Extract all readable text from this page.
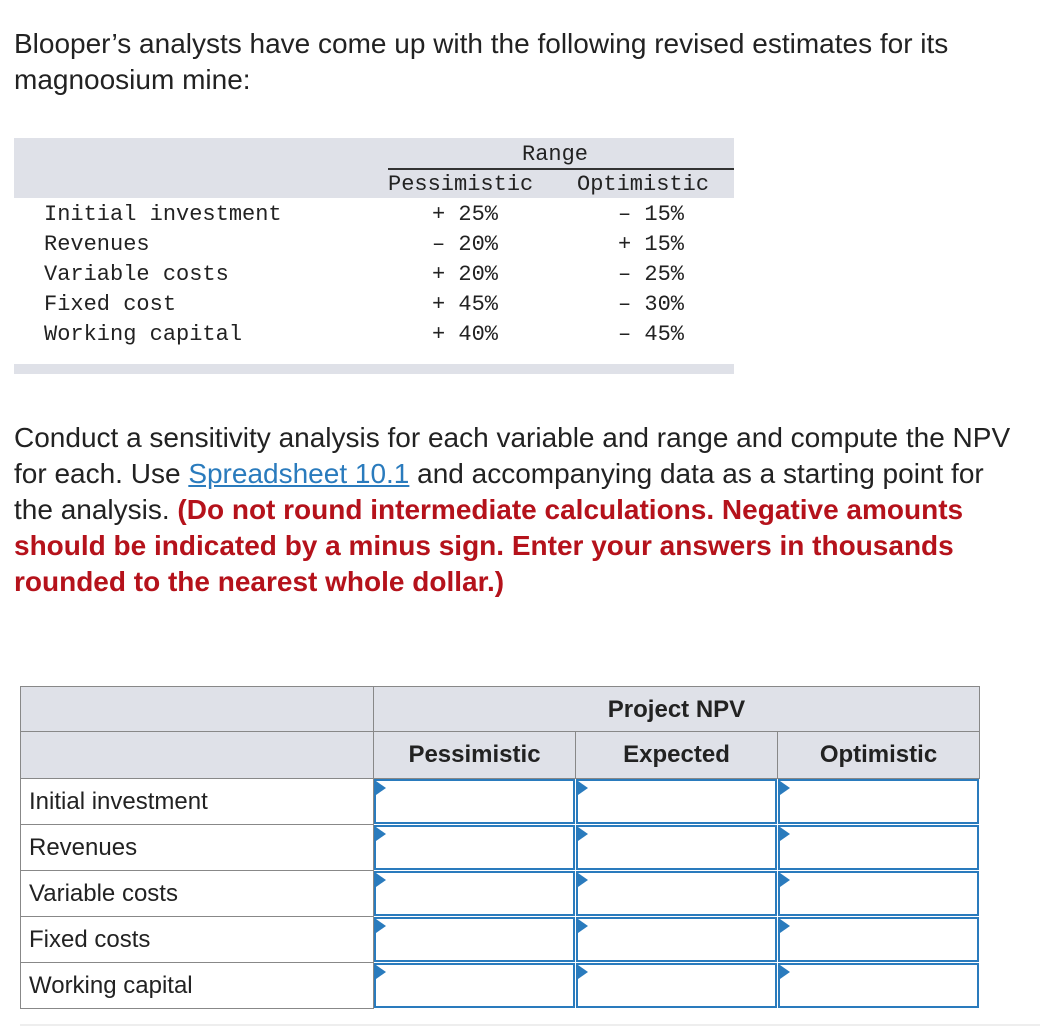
Blooper’s analysts have come up with the following revised estimates for its magnoosium mine:

Range
Pessimistic Optimistic
Initial investment	+ 25%	– 15%
Revenues	– 20%	+ 15%
Variable costs	+ 20%	– 25%
Fixed cost	+ 45%	– 30%
Working capital	+ 40%	– 45%

Conduct a sensitivity analysis for each variable and range and compute the NPV for each. Use Spreadsheet 10.1 and accompanying data as a starting point for the analysis. (Do not round intermediate calculations. Negative amounts should be indicated by a minus sign. Enter your answers in thousands rounded to the nearest whole dollar.)

Project NPV
Pessimistic	Expected	Optimistic
Initial investment
Revenues
Variable costs
Fixed costs
Working capital
